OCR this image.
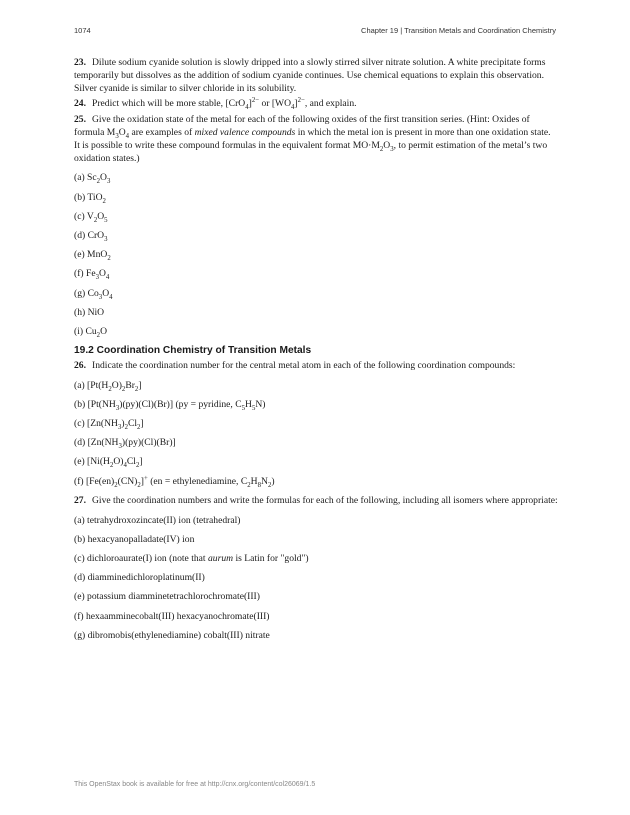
1074	Chapter 19 | Transition Metals and Coordination Chemistry

23. Dilute sodium cyanide solution is slowly dripped into a slowly stirred silver nitrate solution. A white precipitate forms temporarily but dissolves as the addition of sodium cyanide continues. Use chemical equations to explain this observation. Silver cyanide is similar to silver chloride in its solubility.

24. Predict which will be more stable, $[CrO_4]^{2-}$ or $[WO_4]^{2-}$, and explain.

25. Give the oxidation state of the metal for each of the following oxides of the first transition series. (Hint: Oxides of formula $M_3O_4$ are examples of mixed valence compounds in which the metal ion is present in more than one oxidation state. It is possible to write these compound formulas in the equivalent format $MO\cdot M_2O_3$, to permit estimation of the metal’s two oxidation states.)

(a) $Sc_2O_3$
(b) TiO$_2$
(c) $V_2O_5$
(d) CrO$_3$
(e) MnO$_2$
(f) $Fe_3O_4$
(g) $Co_3O_4$
(h) NiO
(i) $Cu_2O$
19.2 Coordination Chemistry of Transition Metals

26. Indicate the coordination number for the central metal atom in each of the following coordination compounds:

(a) $[Pt(H_2O)_2Br_2]$
(b) $[Pt(NH_3)(py)(Cl)(Br)] (py$ = pyridine, $C_5H_5N$)
(c) $[Zn(NH_3)_2Cl_2]$
(d) $[Zn(NH_3)(py)(Cl)(Br)]$
(e) $[Ni(H_2O)_4Cl_2]$
(f) $[Fe(en)_2(CN)_2]^+$ (en = ethylenediamine, $C_2H_8N_2$)

27. Give the coordination numbers and write the formulas for each of the following, including all isomers where appropriate:

(a) tetrahydroxozincate(II) ion (tetrahedral)
(b) hexacyanopalladate(IV) ion
(c) dichloroaurate(I) ion (note that aurum is Latin for "gold")
(d) diamminedichloroplatinum(II)
(e) potassium diamminetetrachlorochromate(III)
(f) hexaamminecobalt(III) hexacyanochromate(III)
(g) dibromobis(ethylenediamine) cobalt(III) nitrate
This OpenStax book is available for free at http://cnx.org/content/col26069/1.5
